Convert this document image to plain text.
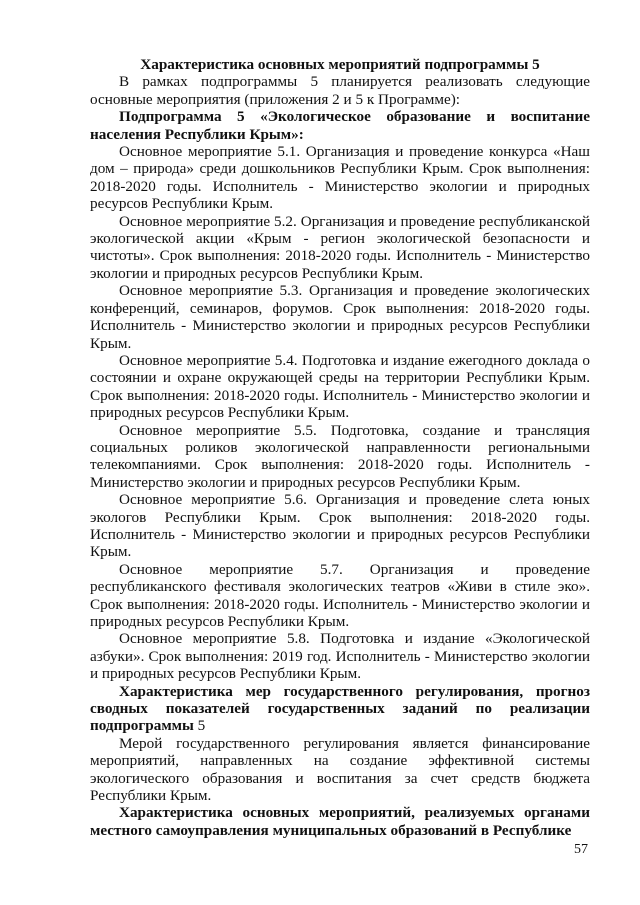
Характеристика основных мероприятий подпрограммы 5

В рамках подпрограммы 5 планируется реализовать следующие основные мероприятия (приложения 2 и 5 к Программе):

Подпрограмма 5 «Экологическое образование и воспитание населения Республики Крым»:

Основное мероприятие 5.1. Организация и проведение конкурса «Наш дом – природа» среди дошкольников Республики Крым. Срок выполнения: 2018-2020 годы. Исполнитель - Министерство экологии и природных ресурсов Республики Крым.

Основное мероприятие 5.2. Организация и проведение республиканской экологической акции «Крым - регион экологической безопасности и чистоты». Срок выполнения: 2018-2020 годы. Исполнитель - Министерство экологии и природных ресурсов Республики Крым.

Основное мероприятие 5.3. Организация и проведение экологических конференций, семинаров, форумов. Срок выполнения: 2018-2020 годы. Исполнитель - Министерство экологии и природных ресурсов Республики Крым.

Основное мероприятие 5.4. Подготовка и издание ежегодного доклада о состоянии и охране окружающей среды на территории Республики Крым. Срок выполнения: 2018-2020 годы. Исполнитель - Министерство экологии и природных ресурсов Республики Крым.

Основное мероприятие 5.5. Подготовка, создание и трансляция социальных роликов экологической направленности региональными телекомпаниями. Срок выполнения: 2018-2020 годы. Исполнитель - Министерство экологии и природных ресурсов Республики Крым.

Основное мероприятие 5.6. Организация и проведение слета юных экологов Республики Крым. Срок выполнения: 2018-2020 годы. Исполнитель - Министерство экологии и природных ресурсов Республики Крым.

Основное мероприятие 5.7. Организация и проведение республиканского фестиваля экологических театров «Живи в стиле эко». Срок выполнения: 2018-2020 годы. Исполнитель - Министерство экологии и природных ресурсов Республики Крым.

Основное мероприятие 5.8. Подготовка и издание «Экологической азбуки». Срок выполнения: 2019 год. Исполнитель - Министерство экологии и природных ресурсов Республики Крым.

Характеристика мер государственного регулирования, прогноз сводных показателей государственных заданий по реализации подпрограммы 5

Мерой государственного регулирования является финансирование мероприятий, направленных на создание эффективной системы экологического образования и воспитания за счет средств бюджета Республики Крым.

Характеристика основных мероприятий, реализуемых органами местного самоуправления муниципальных образований в Республике

57
